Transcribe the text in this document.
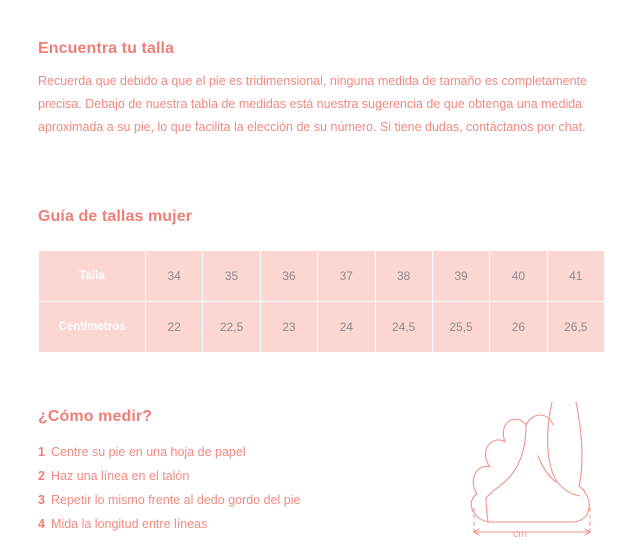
Encuentra tu talla

Recuerda que debido a que el pie es tridimensional, ninguna medida de tamaño es completamente precisa. Debajo de nuestra tabla de medidas está nuestra sugerencia de que obtenga una medida aproximada a su pie, lo que facilita la elección de su número. Si tiene dudas, contáctanos por chat.

Guía de tallas mujer
Talla	34	35	36	37	38	39	40	41
Centímetros	22	22,5	23	24	24,5	25,5	26	26,5
¿Cómo medir?
1 Centre su pie en una hoja de papel
2 Haz una línea en el talón
3 Repetir lo mismo frente al dedo gordo del pie
4 Mida la longitud entre líneas
cm
